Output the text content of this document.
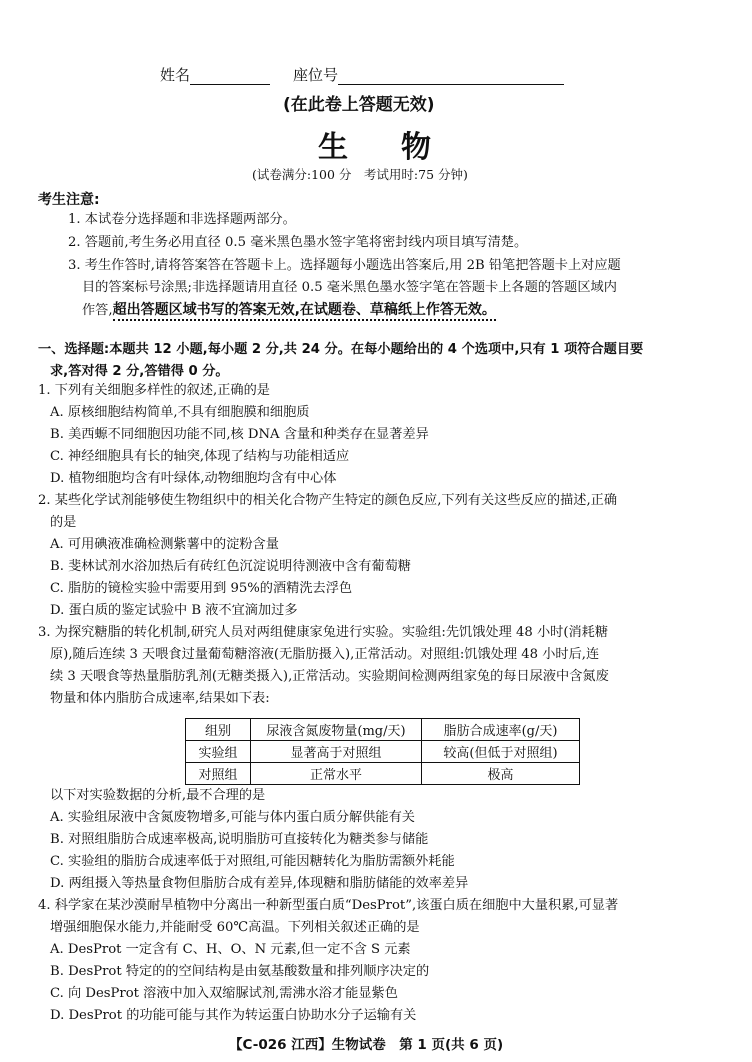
姓名	座位号
(在此卷上答题无效)
生 物
(试卷满分:100 分　考试用时:75 分钟)
考生注意:
1. 本试卷分选择题和非选择题两部分。
2. 答题前,考生务必用直径 0.5 毫米黑色墨水签字笔将密封线内项目填写清楚。
3. 考生作答时,请将答案答在答题卡上。选择题每小题选出答案后,用 2B 铅笔把答题卡上对应题
目的答案标号涂黑;非选择题请用直径 0.5 毫米黑色墨水签字笔在答题卡上各题的答题区域内
作答,超出答题区域书写的答案无效,在试题卷、草稿纸上作答无效。
一、选择题:本题共 12 小题,每小题 2 分,共 24 分。在每小题给出的 4 个选项中,只有 1 项符合题目要
求,答对得 2 分,答错得 0 分。
1. 下列有关细胞多样性的叙述,正确的是
A. 原核细胞结构简单,不具有细胞膜和细胞质
B. 美西螈不同细胞因功能不同,核 DNA 含量和种类存在显著差异
C. 神经细胞具有长的轴突,体现了结构与功能相适应
D. 植物细胞均含有叶绿体,动物细胞均含有中心体
2. 某些化学试剂能够使生物组织中的相关化合物产生特定的颜色反应,下列有关这些反应的描述,正确
的是
A. 可用碘液准确检测紫薯中的淀粉含量
B. 斐林试剂水浴加热后有砖红色沉淀说明待测液中含有葡萄糖
C. 脂肪的镜检实验中需要用到 95%的酒精洗去浮色
D. 蛋白质的鉴定试验中 B 液不宜滴加过多
3. 为探究糖脂的转化机制,研究人员对两组健康家兔进行实验。实验组:先饥饿处理 48 小时(消耗糖
原),随后连续 3 天喂食过量葡萄糖溶液(无脂肪摄入),正常活动。对照组:饥饿处理 48 小时后,连
续 3 天喂食等热量脂肪乳剂(无糖类摄入),正常活动。实验期间检测两组家兔的每日尿液中含氮废
物量和体内脂肪合成速率,结果如下表:
组别	尿液含氮废物量(mg/天)	脂肪合成速率(g/天)
实验组	显著高于对照组	较高(但低于对照组)
对照组	正常水平	极高
以下对实验数据的分析,最不合理的是
A. 实验组尿液中含氮废物增多,可能与体内蛋白质分解供能有关
B. 对照组脂肪合成速率极高,说明脂肪可直接转化为糖类参与储能
C. 实验组的脂肪合成速率低于对照组,可能因糖转化为脂肪需额外耗能
D. 两组摄入等热量食物但脂肪合成有差异,体现糖和脂肪储能的效率差异
4. 科学家在某沙漠耐旱植物中分离出一种新型蛋白质“DesProt”,该蛋白质在细胞中大量积累,可显著
增强细胞保水能力,并能耐受 60℃高温。下列相关叙述正确的是
A. DesProt 一定含有 C、H、O、N 元素,但一定不含 S 元素
B. DesProt 特定的的空间结构是由氨基酸数量和排列顺序决定的
C. 向 DesProt 溶液中加入双缩脲试剂,需沸水浴才能显紫色
D. DesProt 的功能可能与其作为转运蛋白协助水分子运输有关
【C-026 江西】生物试卷　第 1 页(共 6 页)
